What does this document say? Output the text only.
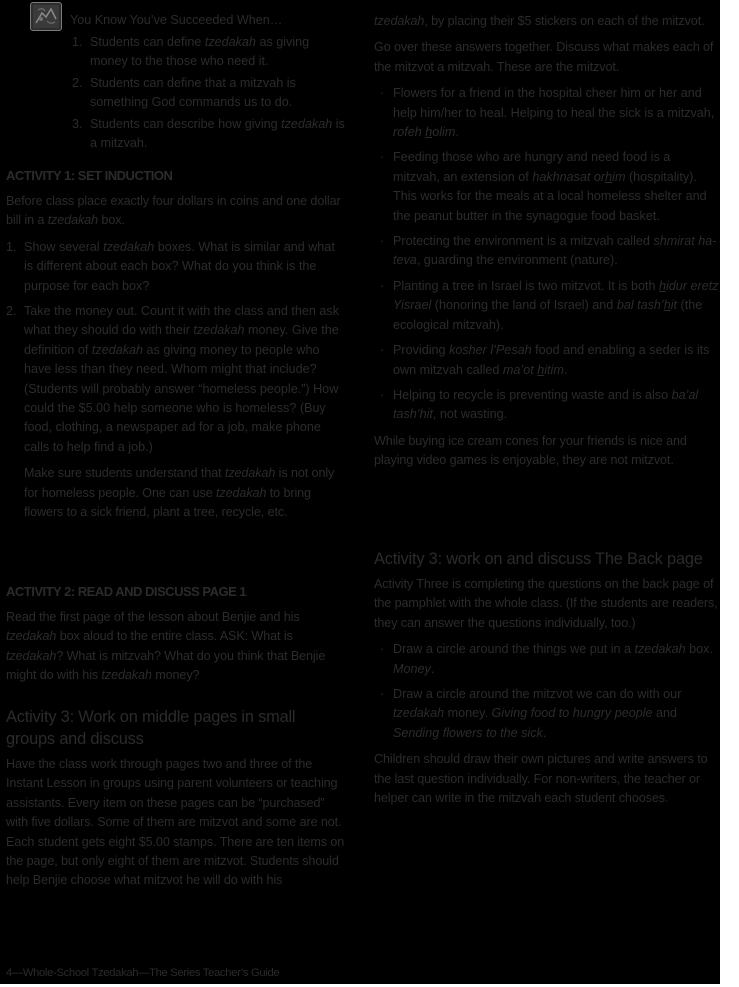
You Know You’ve Succeeded When…
1. Students can define tzedakah as giving money to the those who need it.
2. Students can define that a mitzvah is something God commands us to do.
3. Students can describe how giving tzedakah is a mitzvah.
ACTIVITY 1: SET INDUCTION

Before class place exactly four dollars in coins and one dollar bill in a tzedakah box.

1. Show several tzedakah boxes. What is similar and what is different about each box? What do you think is the purpose for each box?
2. Take the money out. Count it with the class and then ask what they should do with their tzedakah money. Give the definition of tzedakah as giving money to people who have less than they need. Whom might that include? (Students will probably answer “homeless people.”) How could the $5.00 help someone who is homeless? (Buy food, clothing, a newspaper ad for a job, make phone calls to help find a job.)

Make sure students understand that tzedakah is not only for homeless people. One can use tzedakah to bring flowers to a sick friend, plant a tree, recycle, etc.

ACTIVITY 2: READ AND DISCUSS PAGE 1

Read the first page of the lesson about Benjie and his tzedakah box aloud to the entire class. ASK: What is tzedakah? What is mitzvah? What do you think that Benjie might do with his tzedakah money?

Activity 3: Work on middle pages in small groups and discuss

Have the class work through pages two and three of the Instant Lesson in groups using parent volunteers or teaching assistants. Every item on these pages can be “purchased” with five dollars. Some of them are mitzvot and some are not. Each student gets eight $5.00 stamps. There are ten items on the page, but only eight of them are mitzvot. Students should help Benjie choose what mitzvot he will do with his

tzedakah, by placing their $5 stickers on each of the mitzvot.

Go over these answers together. Discuss what makes each of the mitzvot a mitzvah. These are the mitzvot.

· Flowers for a friend in the hospital cheer him or her and help him/her to heal. Helping to heal the sick is a mitzvah, rofeh holim.
· Feeding those who are hungry and need food is a mitzvah, an extension of hakhnasat orhim (hospitality). This works for the meals at a local homeless shelter and the peanut butter in the synagogue food basket.
· Protecting the environment is a mitzvah called shmirat ha-teva, guarding the environment (nature).
· Planting a tree in Israel is two mitzvot. It is both hidur eretz Yisrael (honoring the land of Israel) and bal tash’hit (the ecological mitzvah).
· Providing kosher l’Pesah food and enabling a seder is its own mitzvah called ma’ot hitim.
· Helping to recycle is preventing waste and is also ba’al tash’hit, not wasting.

While buying ice cream cones for your friends is nice and playing video games is enjoyable, they are not mitzvot.

Activity 3: work on and discuss The Back page

Activity Three is completing the questions on the back page of the pamphlet with the whole class. (If the students are readers, they can answer the questions individually, too.)

· Draw a circle around the things we put in a tzedakah box. Money.
· Draw a circle around the mitzvot we can do with our tzedakah money. Giving food to hungry people and Sending flowers to the sick.

Children should draw their own pictures and write answers to the last question individually. For non-writers, the teacher or helper can write in the mitzvah each student chooses.

4—Whole-School Tzedakah—The Series Teacher’s Guide
